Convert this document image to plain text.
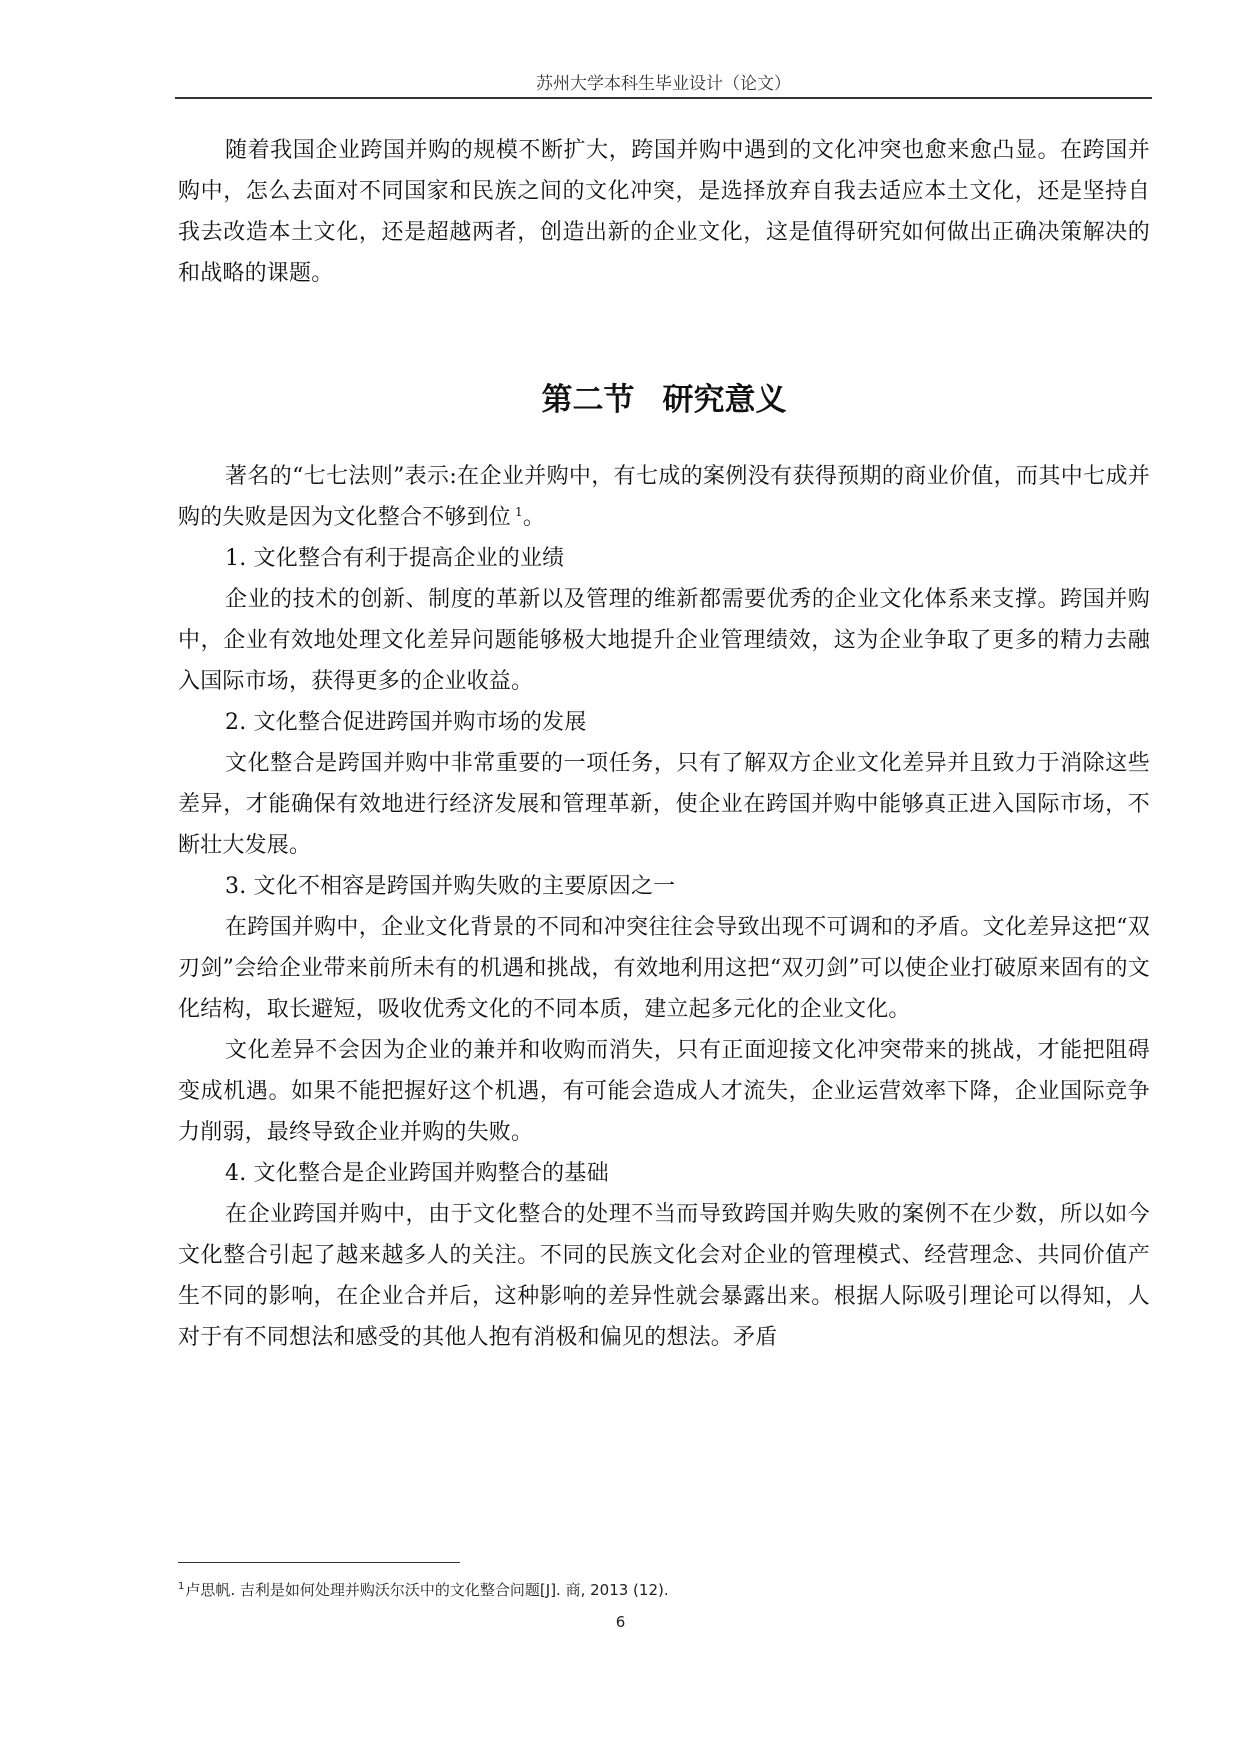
苏州大学本科生毕业设计（论文）

随着我国企业跨国并购的规模不断扩大，跨国并购中遇到的文化冲突也愈来愈凸显。在跨国并购中，怎么去面对不同国家和民族之间的文化冲突，是选择放弃自我去适应本土文化，还是坚持自我去改造本土文化，还是超越两者，创造出新的企业文化，这是值得研究如何做出正确决策解决的和战略的课题。

第二节 研究意义

著名的“七七法则”表示:在企业并购中，有七成的案例没有获得预期的商业价值，而其中七成并购的失败是因为文化整合不够到位 $^1$。

1. 文化整合有利于提高企业的业绩

企业的技术的创新、制度的革新以及管理的维新都需要优秀的企业文化体系来支撑。跨国并购中，企业有效地处理文化差异问题能够极大地提升企业管理绩效，这为企业争取了更多的精力去融入国际市场，获得更多的企业收益。

2. 文化整合促进跨国并购市场的发展

文化整合是跨国并购中非常重要的一项任务，只有了解双方企业文化差异并且致力于消除这些差异，才能确保有效地进行经济发展和管理革新，使企业在跨国并购中能够真正进入国际市场，不断壮大发展。

3. 文化不相容是跨国并购失败的主要原因之一

在跨国并购中，企业文化背景的不同和冲突往往会导致出现不可调和的矛盾。文化差异这把“双刃剑”会给企业带来前所未有的机遇和挑战，有效地利用这把“双刃剑”可以使企业打破原来固有的文化结构，取长避短，吸收优秀文化的不同本质，建立起多元化的企业文化。

文化差异不会因为企业的兼并和收购而消失，只有正面迎接文化冲突带来的挑战，才能把阻碍变成机遇。如果不能把握好这个机遇，有可能会造成人才流失，企业运营效率下降，企业国际竞争力削弱，最终导致企业并购的失败。

4. 文化整合是企业跨国并购整合的基础

在企业跨国并购中，由于文化整合的处理不当而导致跨国并购失败的案例不在少数，所以如今文化整合引起了越来越多人的关注。不同的民族文化会对企业的管理模式、经营理念、共同价值产生不同的影响，在企业合并后，这种影响的差异性就会暴露出来。根据人际吸引理论可以得知，人对于有不同想法和感受的其他人抱有消极和偏见的想法。矛盾

$^1$卢思帆. 吉利是如何处理并购沃尔沃中的文化整合问题[J]. 商, 2013 (12).
6
